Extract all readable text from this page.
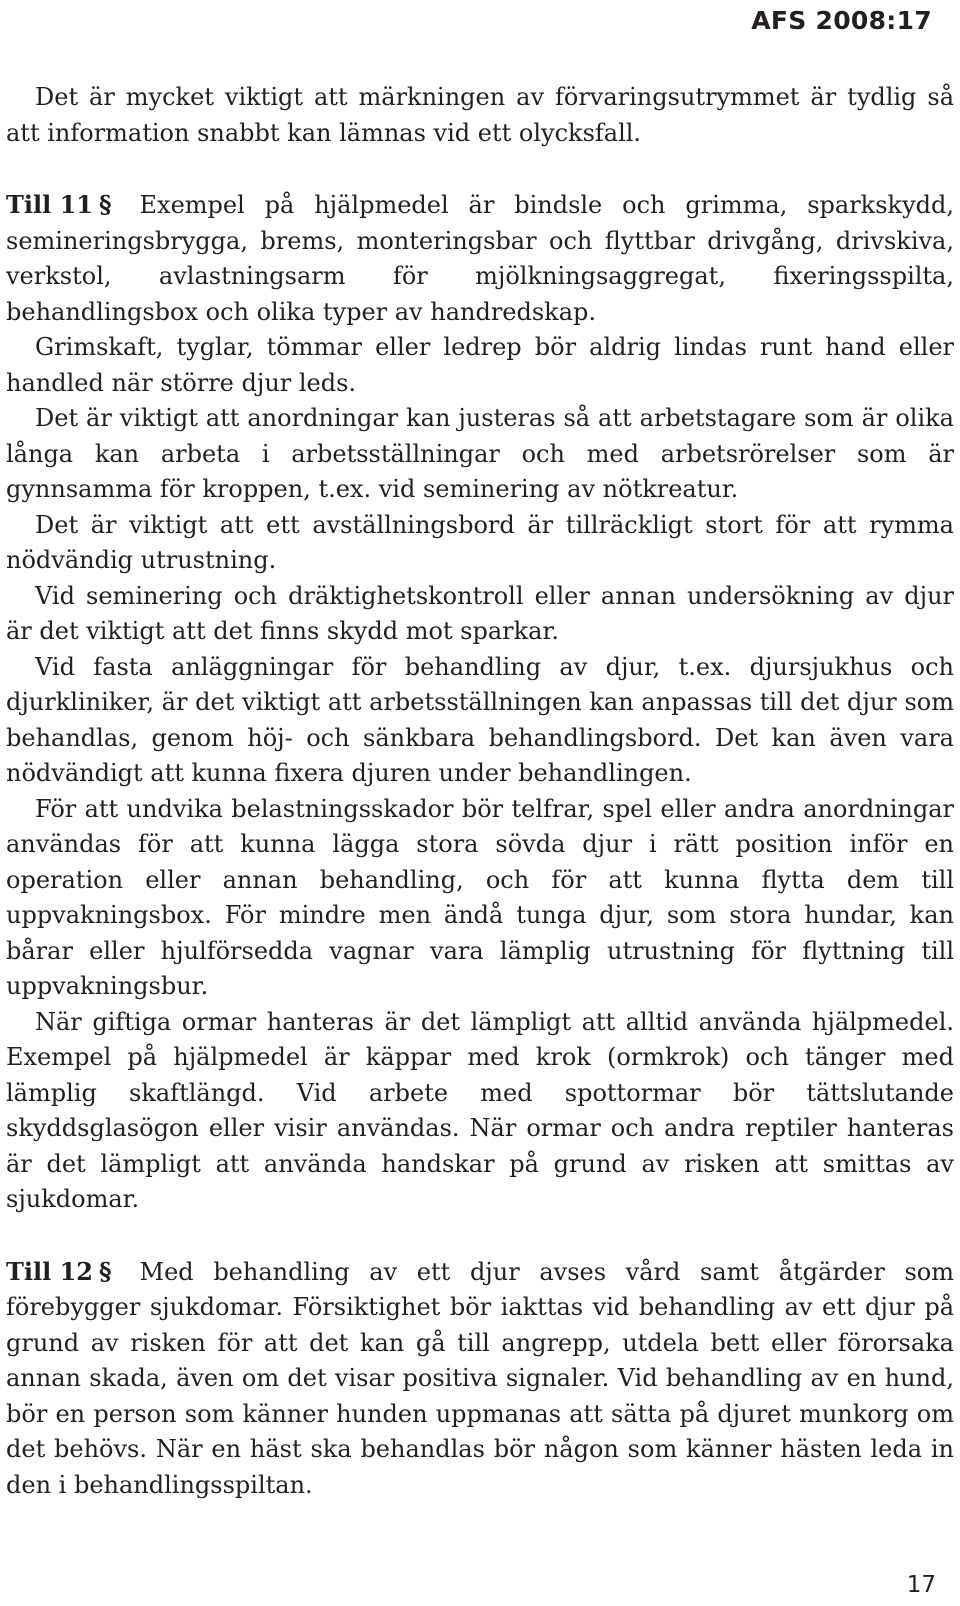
AFS 2008:17

Det är mycket viktigt att märkningen av förvaringsutrymmet är tydlig så att information snabbt kan lämnas vid ett olycksfall.

Till 11 § Exempel på hjälpmedel är bindsle och grimma, sparkskydd, semineringsbrygga, brems, monteringsbar och flyttbar drivgång, drivskiva, verkstol, avlastningsarm för mjölkningsaggregat, fixeringsspilta, behandlingsbox och olika typer av handredskap.

Grimskaft, tyglar, tömmar eller ledrep bör aldrig lindas runt hand eller handled när större djur leds.

Det är viktigt att anordningar kan justeras så att arbetstagare som är olika långa kan arbeta i arbetsställningar och med arbetsrörelser som är gynnsamma för kroppen, t.ex. vid seminering av nötkreatur.

Det är viktigt att ett avställningsbord är tillräckligt stort för att rymma nödvändig utrustning.

Vid seminering och dräktighetskontroll eller annan undersökning av djur är det viktigt att det finns skydd mot sparkar.

Vid fasta anläggningar för behandling av djur, t.ex. djursjukhus och djurkliniker, är det viktigt att arbetsställningen kan anpassas till det djur som behandlas, genom höj- och sänkbara behandlingsbord. Det kan även vara nödvändigt att kunna fixera djuren under behandlingen.

För att undvika belastningsskador bör telfrar, spel eller andra anordningar användas för att kunna lägga stora sövda djur i rätt position inför en operation eller annan behandling, och för att kunna flytta dem till uppvakningsbox. För mindre men ändå tunga djur, som stora hundar, kan bårar eller hjulförsedda vagnar vara lämplig utrustning för flyttning till uppvakningsbur.

När giftiga ormar hanteras är det lämpligt att alltid använda hjälpmedel. Exempel på hjälpmedel är käppar med krok (ormkrok) och tänger med lämplig skaftlängd. Vid arbete med spottormar bör tättslutande skyddsglasögon eller visir användas. När ormar och andra reptiler hanteras är det lämpligt att använda handskar på grund av risken att smittas av sjukdomar.

Till 12 § Med behandling av ett djur avses vård samt åtgärder som förebygger sjukdomar. Försiktighet bör iakttas vid behandling av ett djur på grund av risken för att det kan gå till angrepp, utdela bett eller förorsaka annan skada, även om det visar positiva signaler. Vid behandling av en hund, bör en person som känner hunden uppmanas att sätta på djuret munkorg om det behövs. När en häst ska behandlas bör någon som känner hästen leda in den i behandlingsspiltan.

17
